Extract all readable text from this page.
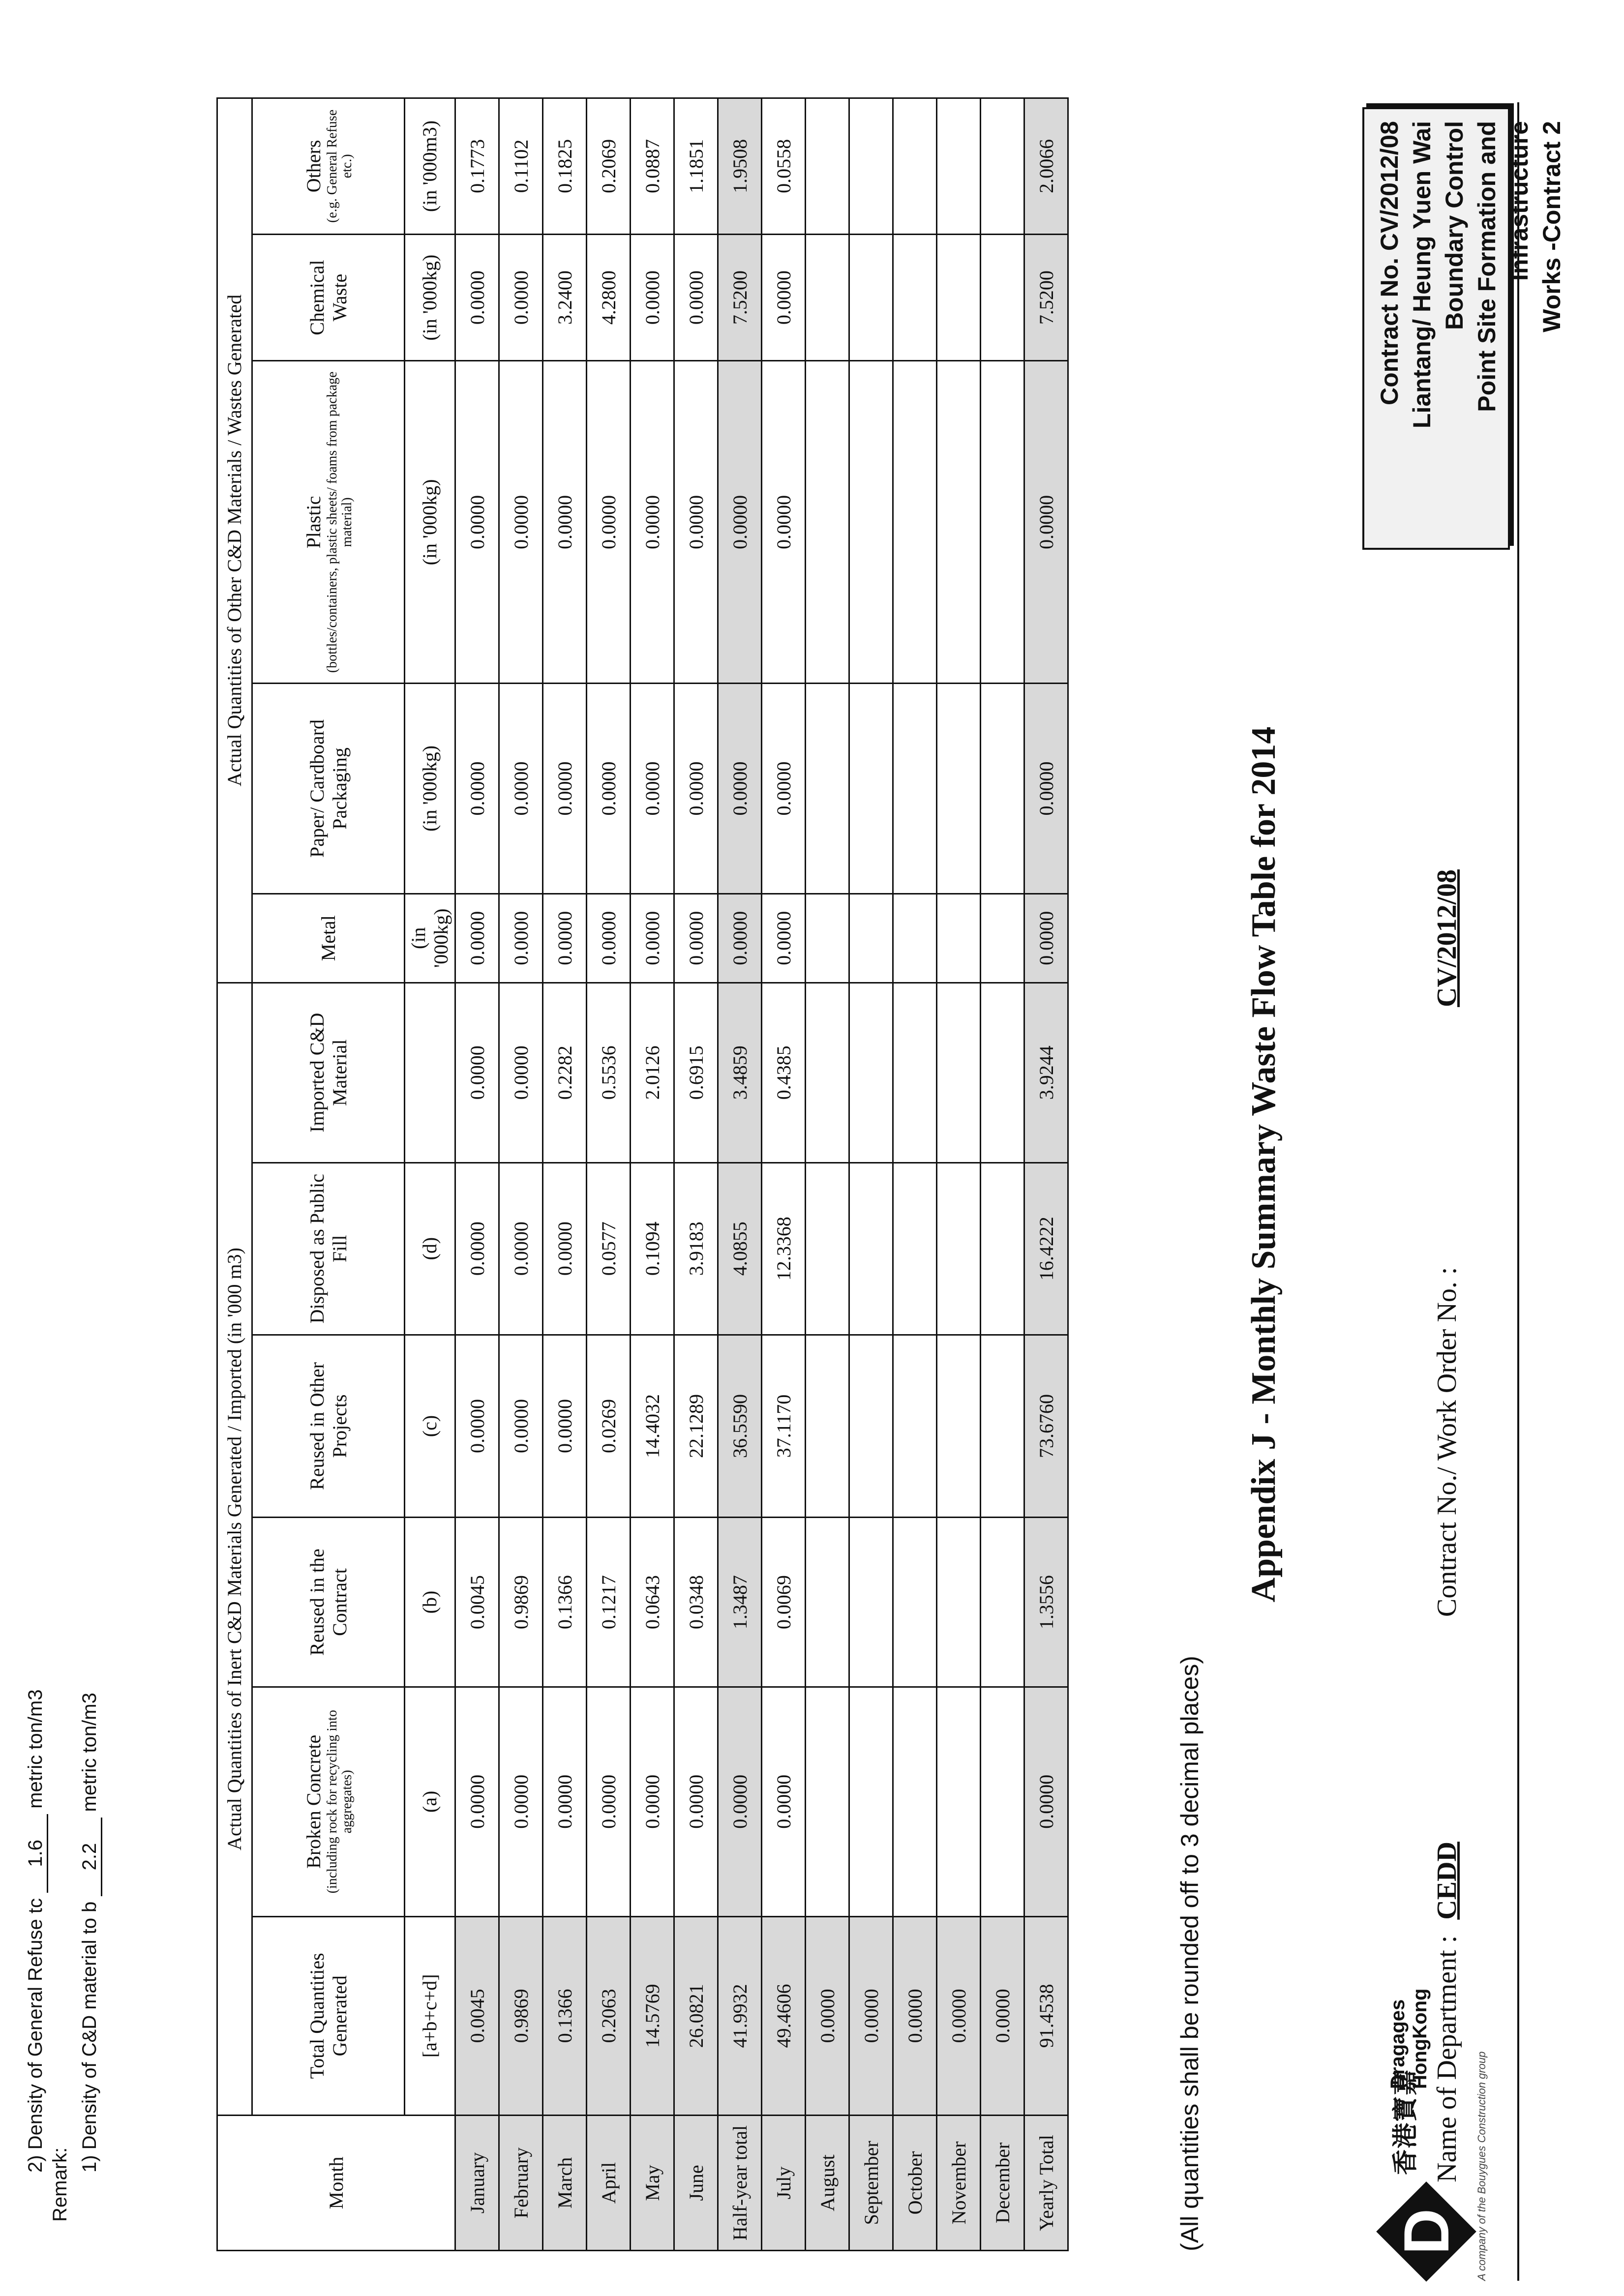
D
香港寶嘉
Dragages HongKong
A company of the Bouygues Construction group
Contract No. CV/2012/08 Liantang/ Heung Yuen Wai Boundary Control Point Site Formation and Infrastructure Works -Contract 2
Name of Department : CEDD
Contract No./ Work Order No. :
CV/2012/08
Appendix J - Monthly Summary Waste Flow Table for 2014
(All quantities shall be rounded off to 3 decimal places)
Month	Actual Quantities of Inert C&D Materials Generated / Imported (in '000 m3)						Actual Quantities of Other C&D Materials / Wastes Generated				
	Total Quantities Generated	Broken Concrete (including rock for recycling into aggregates)	Reused in the Contract	Reused in Other Projects	Disposed as Public Fill	Imported C&D Material	Metal	Paper/ Cardboard Packaging	Plastic (bottles/containers, plastic sheets/ foams from package material)	Chemical Waste	Others (e.g. General Refuse etc.)

	[a+b+c+d]	(a)	(b)	(c)	(d)		(in '000kg)	(in '000kg)	(in '000kg)	(in '000kg)	(in '000m3)
January	0.0045	0.0000	0.0045	0.0000	0.0000	0.0000	0.0000	0.0000	0.0000	0.0000	0.1773
February	0.9869	0.0000	0.9869	0.0000	0.0000	0.0000	0.0000	0.0000	0.0000	0.0000	0.1102
March	0.1366	0.0000	0.1366	0.0000	0.0000	0.2282	0.0000	0.0000	0.0000	3.2400	0.1825
April	0.2063	0.0000	0.1217	0.0269	0.0577	0.5536	0.0000	0.0000	0.0000	4.2800	0.2069
May	14.5769	0.0000	0.0643	14.4032	0.1094	2.0126	0.0000	0.0000	0.0000	0.0000	0.0887
June	26.0821	0.0000	0.0348	22.1289	3.9183	0.6915	0.0000	0.0000	0.0000	0.0000	1.1851
Half-year total	41.9932	0.0000	1.3487	36.5590	4.0855	3.4859	0.0000	0.0000	0.0000	7.5200	1.9508
July	49.4606	0.0000	0.0069	37.1170	12.3368	0.4385	0.0000	0.0000	0.0000	0.0000	0.0558
August	0.0000										
September	0.0000										
October	0.0000										
November	0.0000										
December	0.0000										
Yearly Total	91.4538	0.0000	1.3556	73.6760	16.4222	3.9244	0.0000	0.0000	0.0000	7.5200	2.0066
Remark:
1) Density of C&D material to b 2.2 metric ton/m3
2) Density of General Refuse tc 1.6 metric ton/m3
